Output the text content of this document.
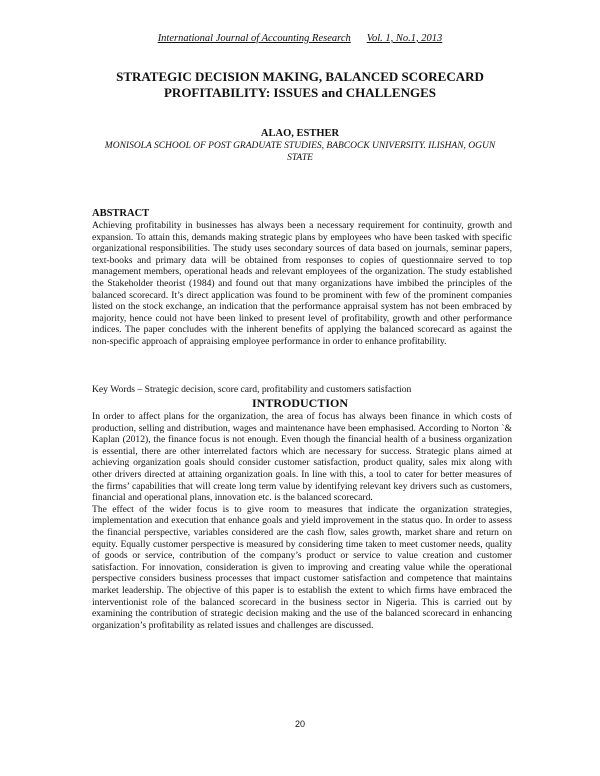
International Journal of Accounting Research Vol. 1, No.1, 2013
STRATEGIC DECISION MAKING, BALANCED SCORECARD PROFITABILITY: ISSUES and CHALLENGES
ALAO, ESTHER
MONISOLA SCHOOL OF POST GRADUATE STUDIES, BABCOCK UNIVERSITY. ILISHAN, OGUN STATE
ABSTRACT
Achieving profitability in businesses has always been a necessary requirement for continuity, growth and expansion. To attain this, demands making strategic plans by employees who have been tasked with specific organizational responsibilities. The study uses secondary sources of data based on journals, seminar papers, text-books and primary data will be obtained from responses to copies of questionnaire served to top management members, operational heads and relevant employees of the organization. The study established the Stakeholder theorist (1984) and found out that many organizations have imbibed the principles of the balanced scorecard. It’s direct application was found to be prominent with few of the prominent companies listed on the stock exchange, an indication that the performance appraisal system has not been embraced by majority, hence could not have been linked to present level of profitability, growth and other performance indices. The paper concludes with the inherent benefits of applying the balanced scorecard as against the non-specific approach of appraising employee performance in order to enhance profitability.
Key Words – Strategic decision, score card, profitability and customers satisfaction
INTRODUCTION

In order to affect plans for the organization, the area of focus has always been finance in which costs of production, selling and distribution, wages and maintenance have been emphasised. According to Norton `& Kaplan (2012), the finance focus is not enough. Even though the financial health of a business organization is essential, there are other interrelated factors which are necessary for success. Strategic plans aimed at achieving organization goals should consider customer satisfaction, product quality, sales mix along with other drivers directed at attaining organization goals. In line with this, a tool to cater for better measures of the firms’ capabilities that will create long term value by identifying relevant key drivers such as customers, financial and operational plans, innovation etc. is the balanced scorecard.

The effect of the wider focus is to give room to measures that indicate the organization strategies, implementation and execution that enhance goals and yield improvement in the status quo. In order to assess the financial perspective, variables considered are the cash flow, sales growth, market share and return on equity. Equally customer perspective is measured by considering time taken to meet customer needs, quality of goods or service, contribution of the company’s product or service to value creation and customer satisfaction. For innovation, consideration is given to improving and creating value while the operational perspective considers business processes that impact customer satisfaction and competence that maintains market leadership. The objective of this paper is to establish the extent to which firms have embraced the interventionist role of the balanced scorecard in the business sector in Nigeria. This is carried out by examining the contribution of strategic decision making and the use of the balanced scorecard in enhancing organization’s profitability as related issues and challenges are discussed.

20
